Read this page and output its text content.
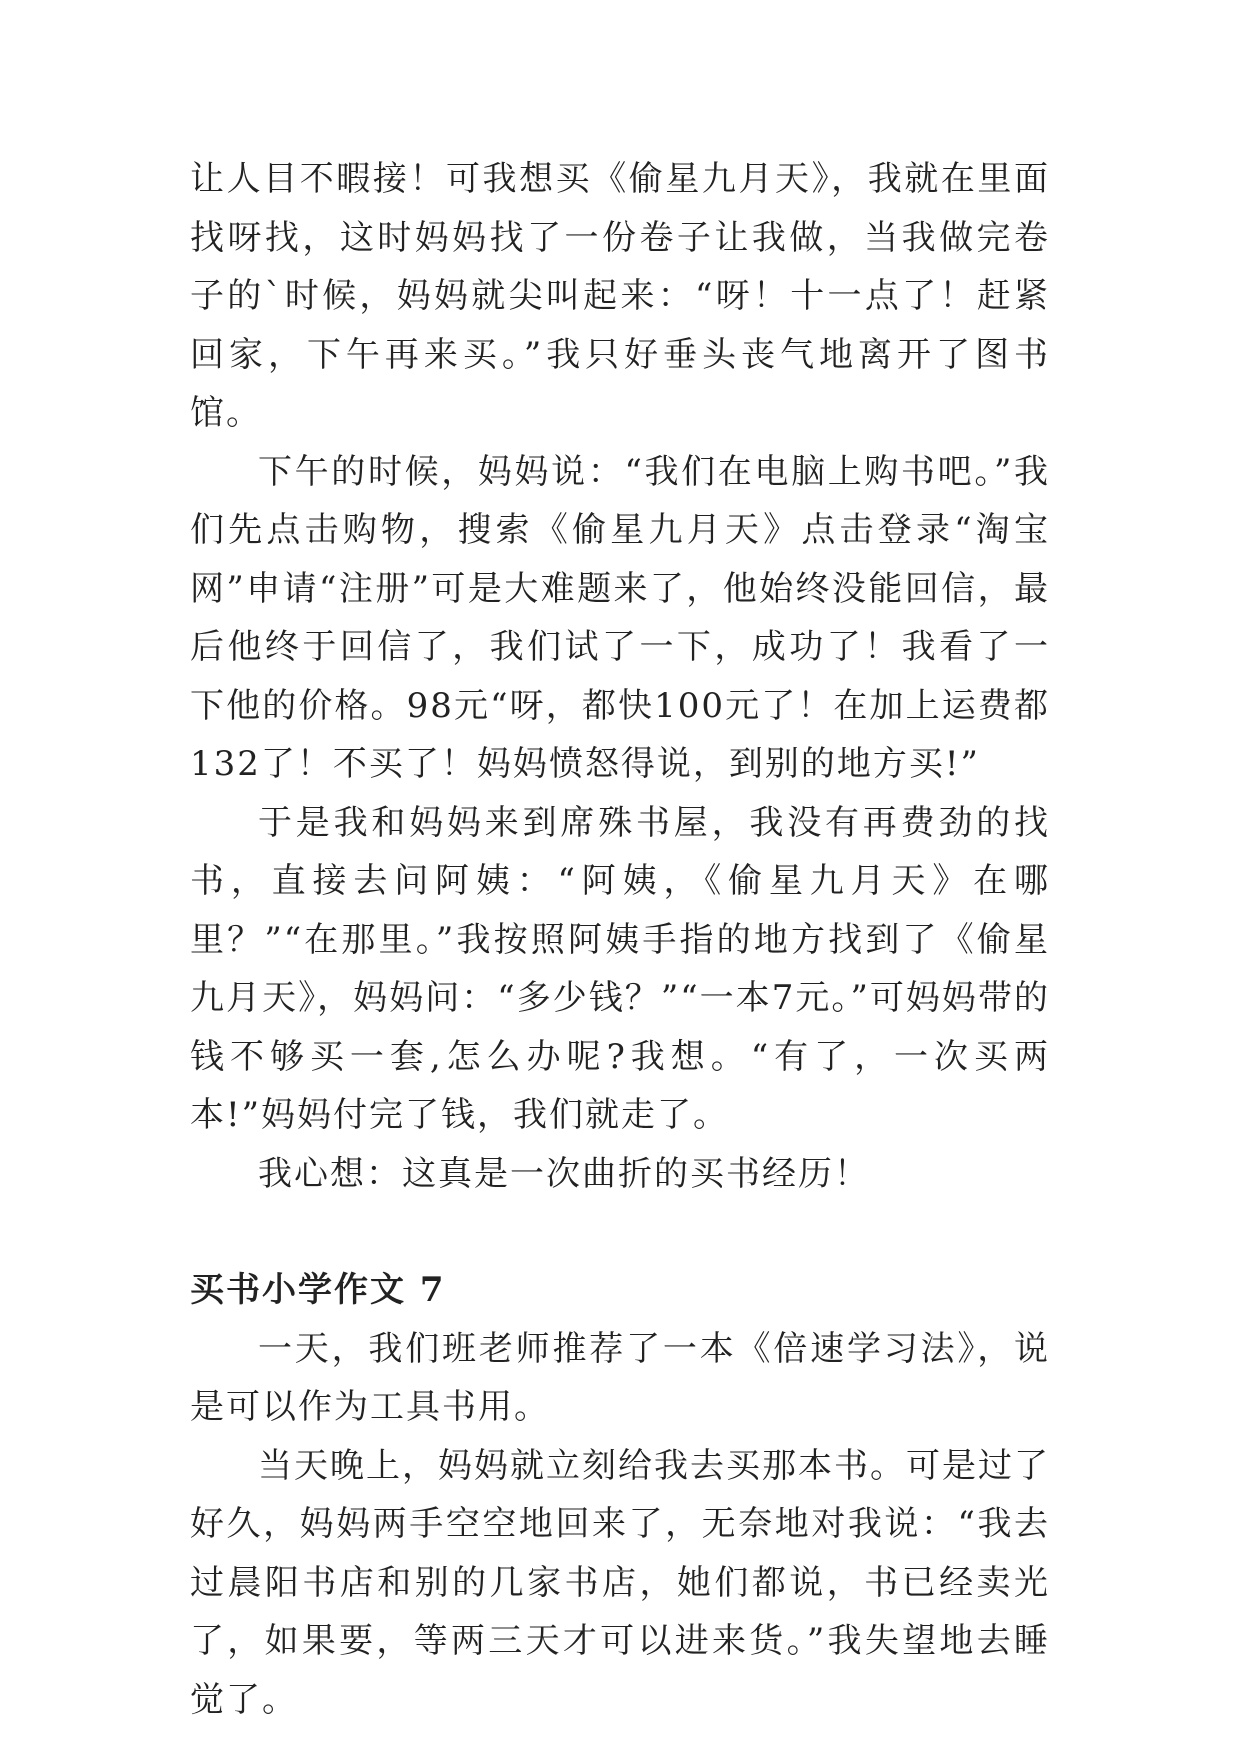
让人目不暇接！可我想买《偷星九月天》，我就在里面找呀找，这时妈妈找了一份卷子让我做，当我做完卷子的`时候，妈妈就尖叫起来：“呀！十一点了！赶紧回家，下午再来买。”我只好垂头丧气地离开了图书馆。

下午的时候，妈妈说：“我们在电脑上购书吧。”我们先点击购物，搜索《偷星九月天》点击登录“淘宝网”申请“注册”可是大难题来了，他始终没能回信，最后他终于回信了，我们试了一下，成功了！我看了一下他的价格。98元“呀，都快100元了！在加上运费都132了！不买了！妈妈愤怒得说，到别的地方买!”

于是我和妈妈来到席殊书屋，我没有再费劲的找书，直接去问阿姨：“阿姨，《偷星九月天》在哪里？”“在那里。”我按照阿姨手指的地方找到了《偷星九月天》，妈妈问：“多少钱？”“一本7元。”可妈妈带的钱不够买一套,怎么办呢?我想。“有了，一次买两本!”妈妈付完了钱，我们就走了。

我心想：这真是一次曲折的买书经历！

买书小学作文 7

一天，我们班老师推荐了一本《倍速学习法》，说是可以作为工具书用。

当天晚上，妈妈就立刻给我去买那本书。可是过了好久，妈妈两手空空地回来了，无奈地对我说：“我去过晨阳书店和别的几家书店，她们都说，书已经卖光了，如果要，等两三天才可以进来货。”我失望地去睡觉了。
